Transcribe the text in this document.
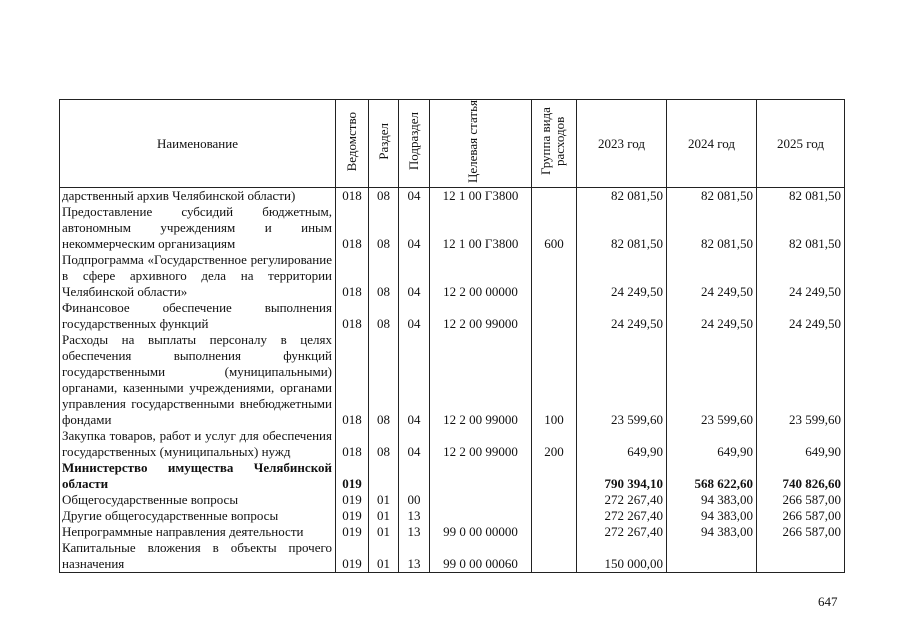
Наименование	Ведомство	Раздел	Подраздел	Целевая статья	Группа вида расходов	2023 год	2024 год	2025 год
дарственный архив Челябинской области)	018	08	04	12 1 00 Г3800		82 081,50	82 081,50	82 081,50
Предоставление субсидий бюджетным, автономным учреждениям и иным некоммерческим организациям	018	08	04	12 1 00 Г3800	600	82 081,50	82 081,50	82 081,50
Подпрограмма «Государственное регулирование в сфере архивного дела на территории Челябинской области»	018	08	04	12 2 00 00000		24 249,50	24 249,50	24 249,50
Финансовое обеспечение выполнения государственных функций	018	08	04	12 2 00 99000		24 249,50	24 249,50	24 249,50
Расходы на выплаты персоналу в целях обеспечения выполнения функций государственными (муниципальными) органами, казенными учреждениями, органами управления государственными внебюджетными фондами	018	08	04	12 2 00 99000	100	23 599,60	23 599,60	23 599,60
Закупка товаров, работ и услуг для обеспечения государственных (муниципальных) нужд	018	08	04	12 2 00 99000	200	649,90	649,90	649,90
Министерство имущества Челябинской области	019					790 394,10	568 622,60	740 826,60
Общегосударственные вопросы	019	01	00			272 267,40	94 383,00	266 587,00
Другие общегосударственные вопросы	019	01	13			272 267,40	94 383,00	266 587,00
Непрограммные направления деятельности	019	01	13	99 0 00 00000		272 267,40	94 383,00	266 587,00
Капитальные вложения в объекты прочего назначения	019	01	13	99 0 00 00060		150 000,00		
647
